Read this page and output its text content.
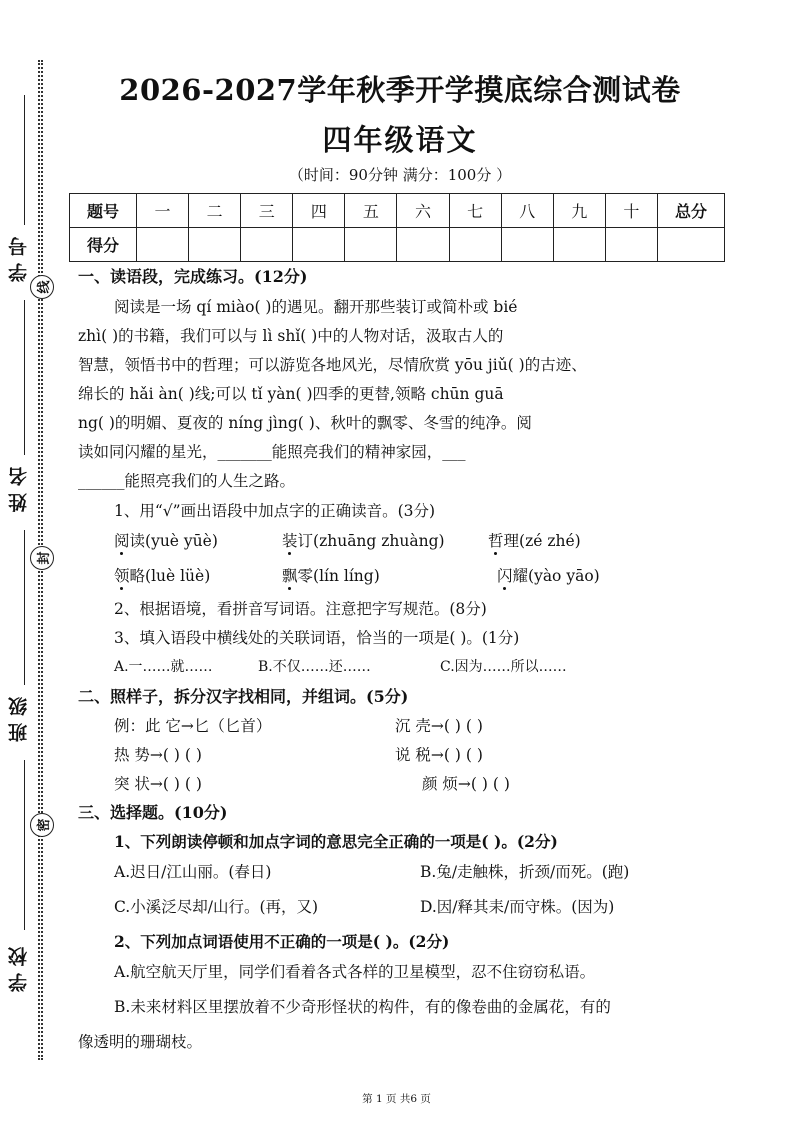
学 号
姓 名
班 级
学 校
线
封
密
2026-2027学年秋季开学摸底综合测试卷
四年级语文
（时间：90分钟 满分：100分 ）
题号	一	二	三	四	五	六	七	八	九	十	总分
得分											
一、读语段，完成练习。(12分)
阅读是一场 qí miào( )的遇见。翻开那些装订或简朴或 bié
zhì( )的书籍，我们可以与 lì shǐ( )中的人物对话，汲取古人的
智慧，领悟书中的哲理；可以游览各地风光，尽情欣赏 yōu jiǔ( )的古迹、
绵长的 hǎi àn( )线;可以 tǐ yàn( )四季的更替,领略 chūn guā
ng( )的明媚、夏夜的 níng jìng( )、秋叶的飘零、冬雪的纯净。阅
读如同闪耀的星光，_______能照亮我们的精神家园，___
______能照亮我们的人生之路。
1、用“√”画出语段中加点字的正确读音。(3分)
阅读(yuè yūè)	装订(zhuāng zhuàng)	哲理(zé zhé)
领略(luè lüè)	飘零(lín líng)	闪耀(yào yāo)
2、根据语境，看拼音写词语。注意把字写规范。(8分)
3、填入语段中横线处的关联词语，恰当的一项是( )。(1分)
A.一……就……	B.不仅……还……	C.因为……所以……
二、照样子，拆分汉字找相同，并组词。(5分)
例：此 它→匕（匕首）	沉 壳→( ) ( )
热 势→( ) ( )	说 税→( ) ( )
突 状→( ) ( )	颜 烦→( ) ( )
三、选择题。(10分)
1、下列朗读停顿和加点字词的意思完全正确的一项是( )。(2分)
A.迟日/江山丽。(春日)	B.兔/走触株，折颈/而死。(跑)
C.小溪泛尽却/山行。(再，又)	D.因/释其耒/而守株。(因为)
2、下列加点词语使用不正确的一项是( )。(2分)
A.航空航天厅里，同学们看着各式各样的卫星模型，忍不住窃窃私语。
B.未来材料区里摆放着不少奇形怪状的构件，有的像卷曲的金属花，有的
像透明的珊瑚枝。
第 1 页 共6 页
